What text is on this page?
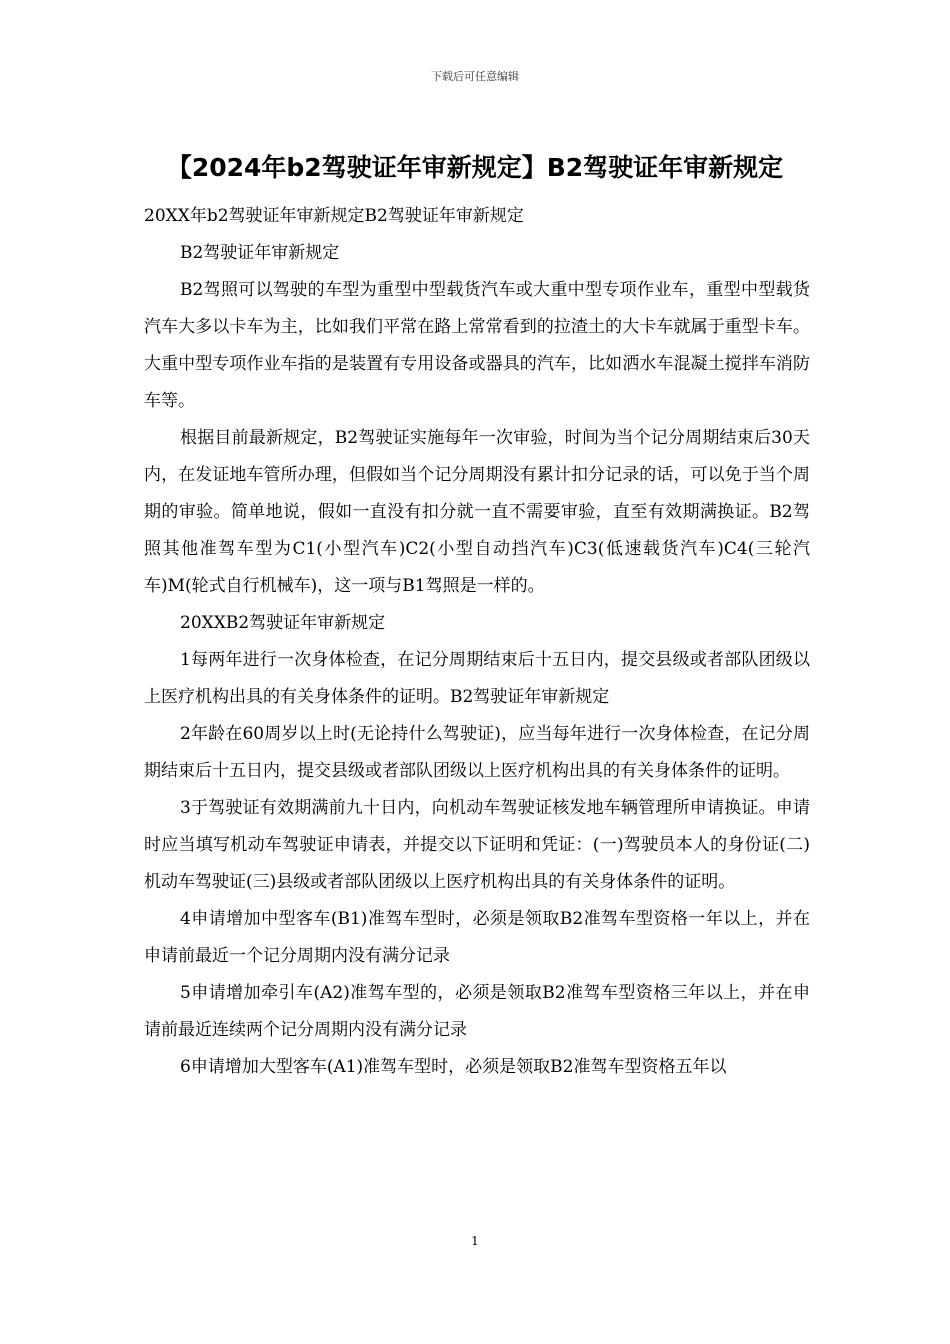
下载后可任意编辑
【2024年b2驾驶证年审新规定】B2驾驶证年审新规定

20XX年b2驾驶证年审新规定B2驾驶证年审新规定

B2驾驶证年审新规定

B2驾照可以驾驶的车型为重型中型载货汽车或大重中型专项作业车，重型中型载货汽车大多以卡车为主，比如我们平常在路上常常看到的拉渣土的大卡车就属于重型卡车。大重中型专项作业车指的是装置有专用设备或器具的汽车，比如洒水车混凝土搅拌车消防车等。

根据目前最新规定，B2驾驶证实施每年一次审验，时间为当个记分周期结束后30天内，在发证地车管所办理，但假如当个记分周期没有累计扣分记录的话，可以免于当个周期的审验。简单地说，假如一直没有扣分就一直不需要审验，直至有效期满换证。B2驾照其他准驾车型为C1(小型汽车)C2(小型自动挡汽车)C3(低速载货汽车)C4(三轮汽车)M(轮式自行机械车)，这一项与B1驾照是一样的。

20XXB2驾驶证年审新规定

1每两年进行一次身体检查，在记分周期结束后十五日内，提交县级或者部队团级以上医疗机构出具的有关身体条件的证明。B2驾驶证年审新规定

2年龄在60周岁以上时(无论持什么驾驶证)，应当每年进行一次身体检查，在记分周期结束后十五日内，提交县级或者部队团级以上医疗机构出具的有关身体条件的证明。

3于驾驶证有效期满前九十日内，向机动车驾驶证核发地车辆管理所申请换证。申请时应当填写机动车驾驶证申请表，并提交以下证明和凭证：(一)驾驶员本人的身份证(二)机动车驾驶证(三)县级或者部队团级以上医疗机构出具的有关身体条件的证明。

4申请增加中型客车(B1)准驾车型时，必须是领取B2准驾车型资格一年以上，并在申请前最近一个记分周期内没有满分记录

5申请增加牵引车(A2)准驾车型的，必须是领取B2准驾车型资格三年以上，并在申请前最近连续两个记分周期内没有满分记录

6申请增加大型客车(A1)准驾车型时，必须是领取B2准驾车型资格五年以

1
